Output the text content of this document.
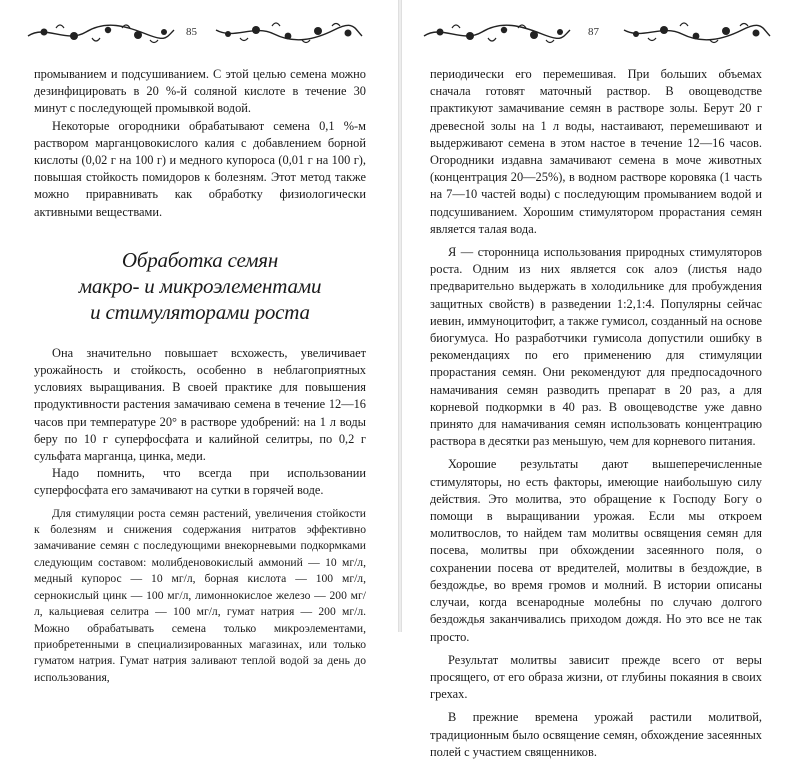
85

промыванием и подсушиванием. С этой целью семена можно дезинфицировать в 20 %-й соляной кислоте в течение 30 минут с последующей промывкой водой.

Некоторые огородники обрабатывают семена 0,1 %-м раствором марганцовокислого калия с добавлением борной кислоты (0,02 г на 100 г) и медного купороса (0,01 г на 100 г), повышая стойкость помидоров к болезням. Этот метод также можно приравнивать как обработку физиологически активными веществами.

Обработка семян
макро- и микроэлементами
и стимуляторами роста

Она значительно повышает всхожесть, увеличивает урожайность и стойкость, особенно в неблагоприятных условиях выращивания. В своей практике для повышения продуктивности растения замачиваю семена в течение 12—16 часов при температуре 20° в растворе удобрений: на 1 л воды беру по 10 г суперфосфата и калийной селитры, по 0,2 г сульфата марганца, цинка, меди.

Надо помнить, что всегда при использовании суперфосфата его замачивают на сутки в горячей воде.

Для стимуляции роста семян растений, увеличения стойкости к болезням и снижения содержания нитратов эффективно замачивание семян с последующими внекорневыми подкормками следующим составом: молибденовокислый аммоний — 10 мг/л, медный купорос — 10 мг/л, борная кислота — 100 мг/л, сернокислый цинк — 100 мг/л, лимоннокислое железо — 200 мг/л, кальциевая селитра — 100 мг/л, гумат натрия — 200 мг/л. Можно обрабатывать семена только микроэлементами, приобретенными в специализированных магазинах, или только гуматом натрия. Гумат натрия заливают теплой водой за день до использования,

87

периодически его перемешивая. При больших объемах сначала готовят маточный раствор. В овощеводстве практикуют замачивание семян в растворе золы. Берут 20 г древесной золы на 1 л воды, настаивают, перемешивают и выдерживают семена в этом настое в течение 12—16 часов. Огородники издавна замачивают семена в моче животных (концентрация 20—25%), в водном растворе коровяка (1 часть на 7—10 частей воды) с последующим промыванием водой и подсушиванием. Хорошим стимулятором прорастания семян является талая вода.

Я — сторонница использования природных стимуляторов роста. Одним из них является сок алоэ (листья надо предварительно выдержать в холодильнике для пробуждения защитных свойств) в разведении 1:2,1:4. Популярны сейчас иевин, иммуноцитофит, а также гумисол, созданный на основе биогумуса. Но разработчики гумисола допустили ошибку в рекомендациях по его применению для стимуляции прорастания семян. Они рекомендуют для предпосадочного намачивания семян разводить препарат в 20 раз, а для корневой подкормки в 40 раз. В овощеводстве уже давно принято для намачивания семян использовать концентрацию раствора в десятки раз меньшую, чем для корневого питания.

Хорошие результаты дают вышеперечисленные стимуляторы, но есть факторы, имеющие наибольшую силу действия. Это молитва, это обращение к Господу Богу о помощи в выращивании урожая. Если мы откроем молитвослов, то найдем там молитвы освящения семян для посева, молитвы при обхождении засеянного поля, о сохранении посева от вредителей, молитвы в бездождие, в бездождье, во время громов и молний. В истории описаны случаи, когда всенародные молебны по случаю долгого бездождья заканчивались приходом дождя. Но это все не так просто.

Результат молитвы зависит прежде всего от веры просящего, от его образа жизни, от глубины покаяния в своих грехах.

В прежние времена урожай растили молитвой, традиционным было освящение семян, обхождение засеянных полей с участием священников.
